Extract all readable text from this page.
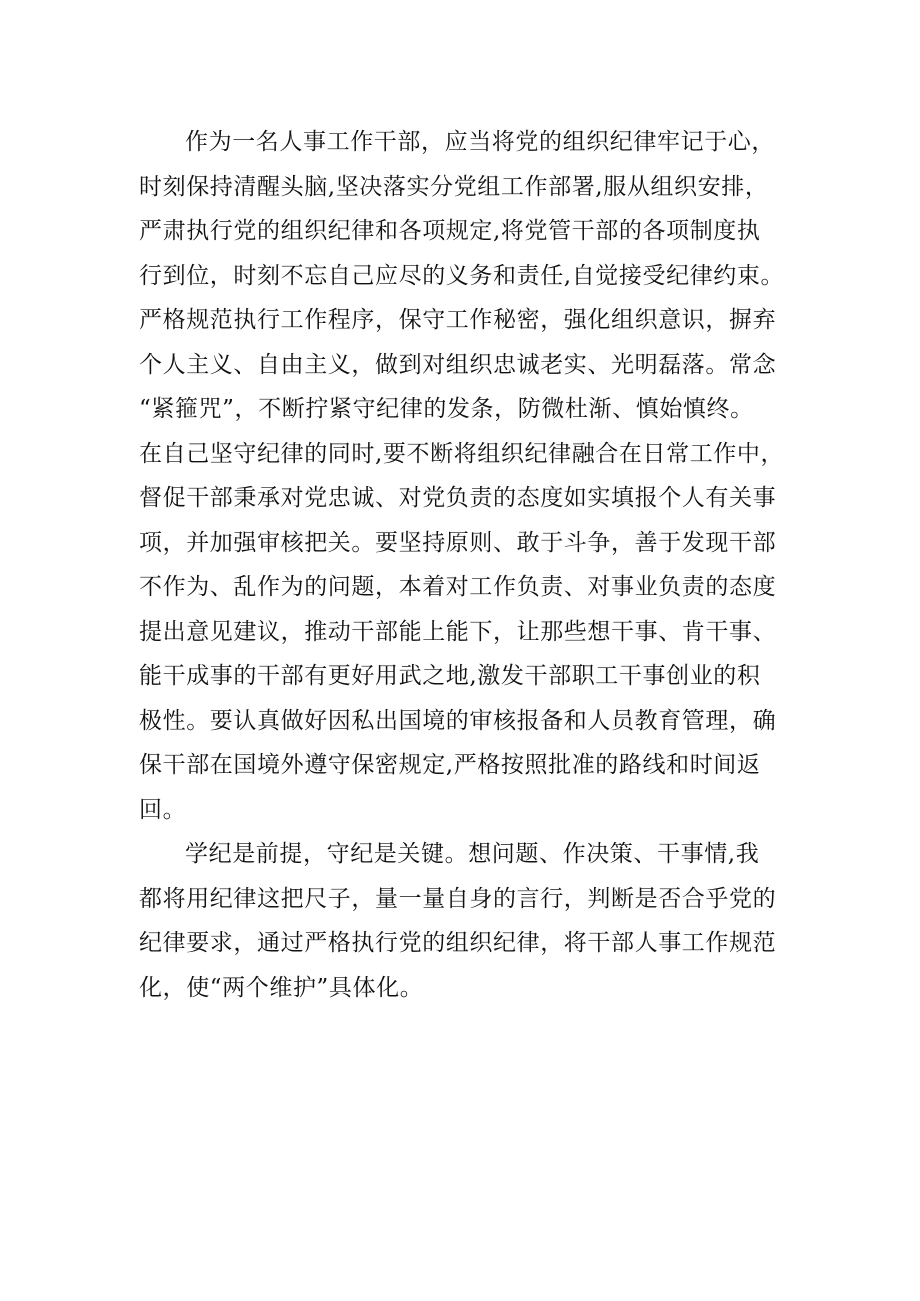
作为一名人事工作干部，应当将党的组织纪律牢记于心，
时刻保持清醒头脑,坚决落实分党组工作部署,服从组织安排，
严肃执行党的组织纪律和各项规定,将党管干部的各项制度执
行到位，时刻不忘自己应尽的义务和责任,自觉接受纪律约束。
严格规范执行工作程序，保守工作秘密，强化组织意识，摒弃
个人主义、自由主义，做到对组织忠诚老实、光明磊落。常念
“紧箍咒”，不断拧紧守纪律的发条，防微杜渐、慎始慎终。
在自己坚守纪律的同时,要不断将组织纪律融合在日常工作中，
督促干部秉承对党忠诚、对党负责的态度如实填报个人有关事
项，并加强审核把关。要坚持原则、敢于斗争，善于发现干部
不作为、乱作为的问题，本着对工作负责、对事业负责的态度
提出意见建议，推动干部能上能下，让那些想干事、肯干事、
能干成事的干部有更好用武之地,激发干部职工干事创业的积
极性。要认真做好因私出国境的审核报备和人员教育管理，确
保干部在国境外遵守保密规定,严格按照批准的路线和时间返
回。
学纪是前提，守纪是关键。想问题、作决策、干事情,我
都将用纪律这把尺子，量一量自身的言行，判断是否合乎党的
纪律要求，通过严格执行党的组织纪律，将干部人事工作规范
化，使“两个维护”具体化。
